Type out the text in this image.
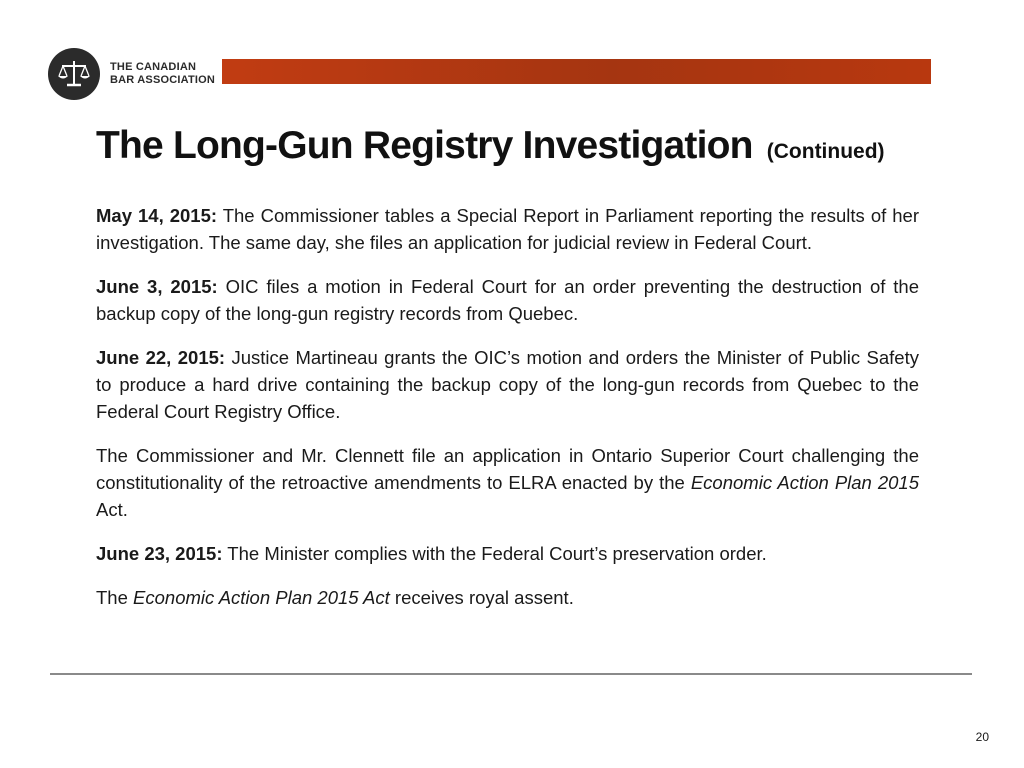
THE CANADIAN
BAR ASSOCIATION
The Long-Gun Registry Investigation (Continued)

May 14, 2015: The Commissioner tables a Special Report in Parliament reporting the results of her investigation. The same day, she files an application for judicial review in Federal Court.

June 3, 2015: OIC files a motion in Federal Court for an order preventing the destruction of the backup copy of the long-gun registry records from Quebec.

June 22, 2015: Justice Martineau grants the OIC’s motion and orders the Minister of Public Safety to produce a hard drive containing the backup copy of the long-gun records from Quebec to the Federal Court Registry Office.

The Commissioner and Mr. Clennett file an application in Ontario Superior Court challenging the constitutionality of the retroactive amendments to ELRA enacted by the Economic Action Plan 2015 Act.

June 23, 2015: The Minister complies with the Federal Court’s preservation order.

The Economic Action Plan 2015 Act receives royal assent.

20
